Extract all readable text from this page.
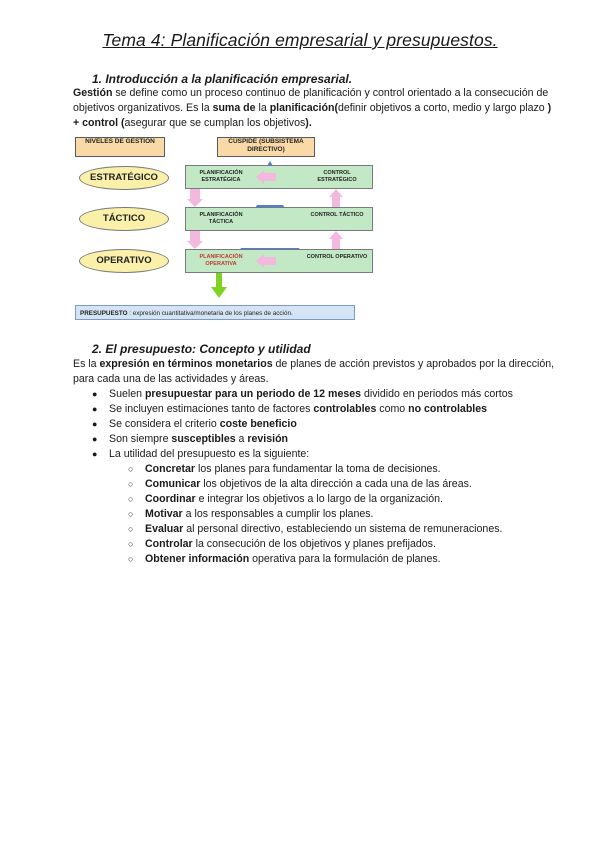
Tema 4: Planificación empresarial y presupuestos.
1. Introducción a la planificación empresarial.
Gestión se define como un proceso continuo de planificación y control orientado a la consecución de objetivos organizativos. Es la suma de la planificación(definir objetivos a corto, medio y largo plazo ) + control (asegurar que se cumplan los objetivos).
NIVELES DE GESTIÓN	CÚSPIDE (SUBSISTEMA DIRECTIVO)
ESTRATÉGICO
TÁCTICO
OPERATIVO
PLANIFICACIÓN ESTRATÉGICA
CONTROL ESTRATÉGICO
PLANIFICACIÓN TÁCTICA
CONTROL TÁCTICO
PLANIFICACIÓN OPERATIVA
CONTROL OPERATIVO
PRESUPUESTO : expresión cuantitativa/monetaria de los planes de acción.
2. El presupuesto: Concepto y utilidad
Es la expresión en términos monetarios de planes de acción previstos y aprobados por la dirección, para cada una de las actividades y áreas.
● Suelen presupuestar para un periodo de 12 meses dividido en periodos más cortos
● Se incluyen estimaciones tanto de factores controlables como no controlables
● Se considera el criterio coste beneficio
● Son siempre susceptibles a revisión
● La utilidad del presupuesto es la siguiente:
○ Concretar los planes para fundamentar la toma de decisiones.
○ Comunicar los objetivos de la alta dirección a cada una de las áreas.
○ Coordinar e integrar los objetivos a lo largo de la organización.
○ Motivar a los responsables a cumplir los planes.
○ Evaluar al personal directivo, estableciendo un sistema de remuneraciones.
○ Controlar la consecución de los objetivos y planes prefijados.
○ Obtener información operativa para la formulación de planes.
